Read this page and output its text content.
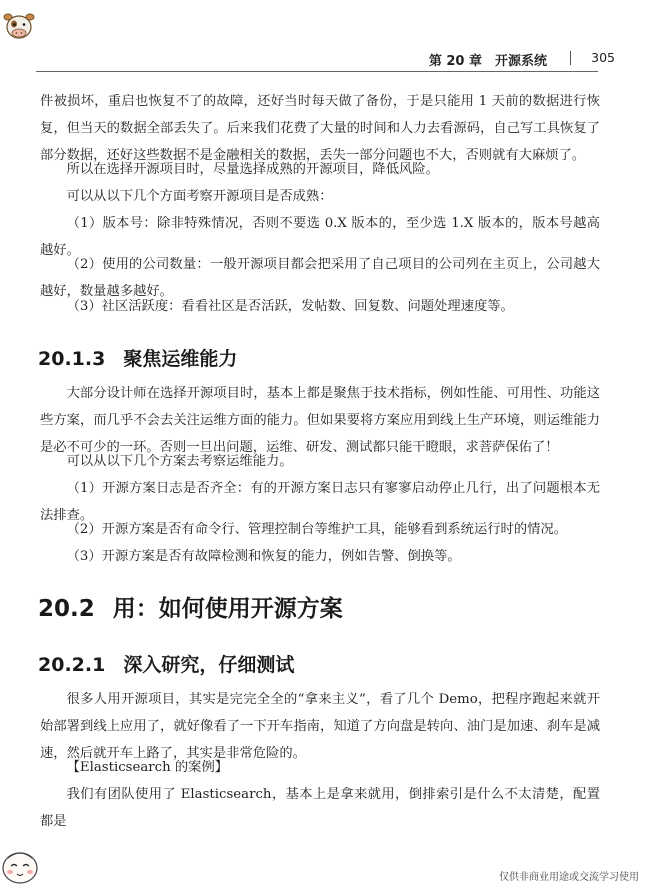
第 20 章　开源系统	305

件被损坏，重启也恢复不了的故障，还好当时每天做了备份，于是只能用 1 天前的数据进行恢复，但当天的数据全部丢失了。后来我们花费了大量的时间和人力去看源码，自己写工具恢复了部分数据，还好这些数据不是金融相关的数据，丢失一部分问题也不大，否则就有大麻烦了。

所以在选择开源项目时，尽量选择成熟的开源项目，降低风险。

可以从以下几个方面考察开源项目是否成熟：

（1）版本号：除非特殊情况，否则不要选 0.X 版本的，至少选 1.X 版本的，版本号越高越好。

（2）使用的公司数量：一般开源项目都会把采用了自己项目的公司列在主页上，公司越大越好，数量越多越好。

（3）社区活跃度：看看社区是否活跃，发帖数、回复数、问题处理速度等。

20.1.3 聚焦运维能力

大部分设计师在选择开源项目时，基本上都是聚焦于技术指标，例如性能、可用性、功能这些方案，而几乎不会去关注运维方面的能力。但如果要将方案应用到线上生产环境，则运维能力是必不可少的一环。否则一旦出问题，运维、研发、测试都只能干瞪眼，求菩萨保佑了！

可以从以下几个方案去考察运维能力。

（1）开源方案日志是否齐全：有的开源方案日志只有寥寥启动停止几行，出了问题根本无法排查。

（2）开源方案是否有命令行、管理控制台等维护工具，能够看到系统运行时的情况。

（3）开源方案是否有故障检测和恢复的能力，例如告警、倒换等。

20.2 用：如何使用开源方案
20.2.1 深入研究，仔细测试

很多人用开源项目，其实是完完全全的“拿来主义”，看了几个 Demo，把程序跑起来就开始部署到线上应用了，就好像看了一下开车指南，知道了方向盘是转向、油门是加速、刹车是减速，然后就开车上路了，其实是非常危险的。

【Elasticsearch 的案例】

我们有团队使用了 Elasticsearch，基本上是拿来就用，倒排索引是什么不太清楚，配置都是

仅供非商业用途或交流学习使用
